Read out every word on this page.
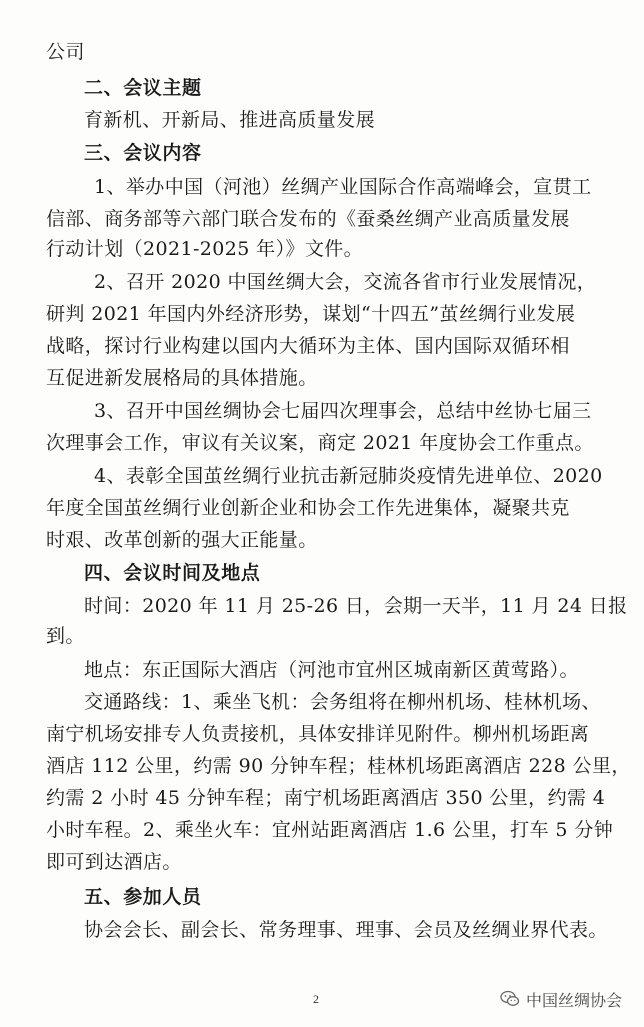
公司
二、会议主题
育新机、开新局、推进高质量发展
三、会议内容
1、举办中国（河池）丝绸产业国际合作高端峰会，宣贯工
信部、商务部等六部门联合发布的《蚕桑丝绸产业高质量发展
行动计划（2021-2025 年）》文件。
2、召开 2020 中国丝绸大会，交流各省市行业发展情况，
研判 2021 年国内外经济形势，谋划“十四五”茧丝绸行业发展
战略，探讨行业构建以国内大循环为主体、国内国际双循环相
互促进新发展格局的具体措施。
3、召开中国丝绸协会七届四次理事会，总结中丝协七届三
次理事会工作，审议有关议案，商定 2021 年度协会工作重点。
4、表彰全国茧丝绸行业抗击新冠肺炎疫情先进单位、2020
年度全国茧丝绸行业创新企业和协会工作先进集体，凝聚共克
时艰、改革创新的强大正能量。
四、会议时间及地点
时间：2020 年 11 月 25-26 日，会期一天半，11 月 24 日报
到。
地点：东正国际大酒店（河池市宜州区城南新区黄莺路）。
交通路线：1、乘坐飞机：会务组将在柳州机场、桂林机场、
南宁机场安排专人负责接机，具体安排详见附件。柳州机场距离
酒店 112 公里，约需 90 分钟车程；桂林机场距离酒店 228 公里，
约需 2 小时 45 分钟车程；南宁机场距离酒店 350 公里，约需 4
小时车程。2、乘坐火车：宜州站距离酒店 1.6 公里，打车 5 分钟
即可到达酒店。
五、参加人员
协会会长、副会长、常务理事、理事、会员及丝绸业界代表。
2	中国丝绸协会
